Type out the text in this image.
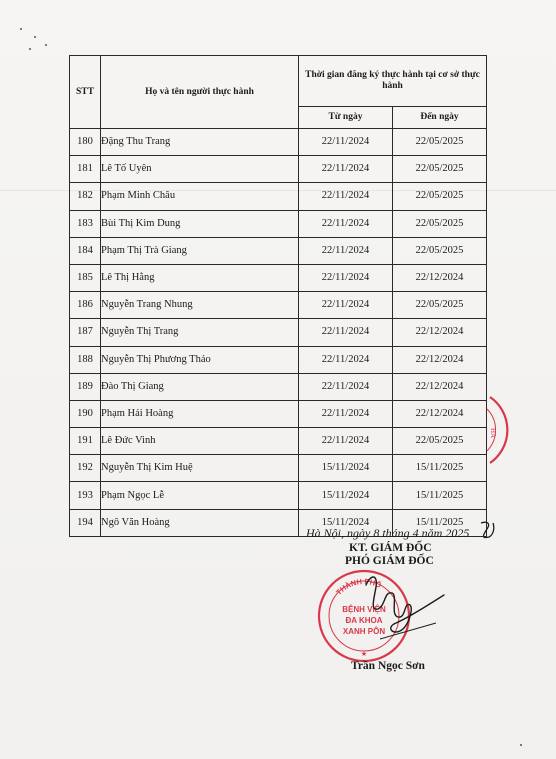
STT	Họ và tên người thực hành	Thời gian đăng ký thực hành tại cơ sở thực hành	
		Từ ngày	Đến ngày
180	Đặng Thu Trang	22/11/2024	22/05/2025
181	Lê Tố Uyên	22/11/2024	22/05/2025
182	Phạm Minh Châu	22/11/2024	22/05/2025
183	Bùi Thị Kim Dung	22/11/2024	22/05/2025
184	Phạm Thị Trà Giang	22/11/2024	22/05/2025
185	Lê Thị Hằng	22/11/2024	22/12/2024
186	Nguyễn Trang Nhung	22/11/2024	22/05/2025
187	Nguyễn Thị Trang	22/11/2024	22/12/2024
188	Nguyễn Thị Phương Thảo	22/11/2024	22/12/2024
189	Đào Thị Giang	22/11/2024	22/12/2024
190	Phạm Hải Hoàng	22/11/2024	22/12/2024
191	Lê Đức Vinh	22/11/2024	22/05/2025
192	Nguyễn Thị Kim Huệ	15/11/2024	15/11/2025
193	Phạm Ngọc Lễ	15/11/2024	15/11/2025
194	Ngô Văn Hoàng	15/11/2024	15/11/2025
HA
Hà Nội, ngày 8 tháng 4 năm 2025
KT. GIÁM ĐỐC
PHÓ GIÁM ĐỐC
THÀNH PHỐ
BỆNH VIỆN
ĐA KHOA
XANH PÔN
★
Trần Ngọc Sơn
